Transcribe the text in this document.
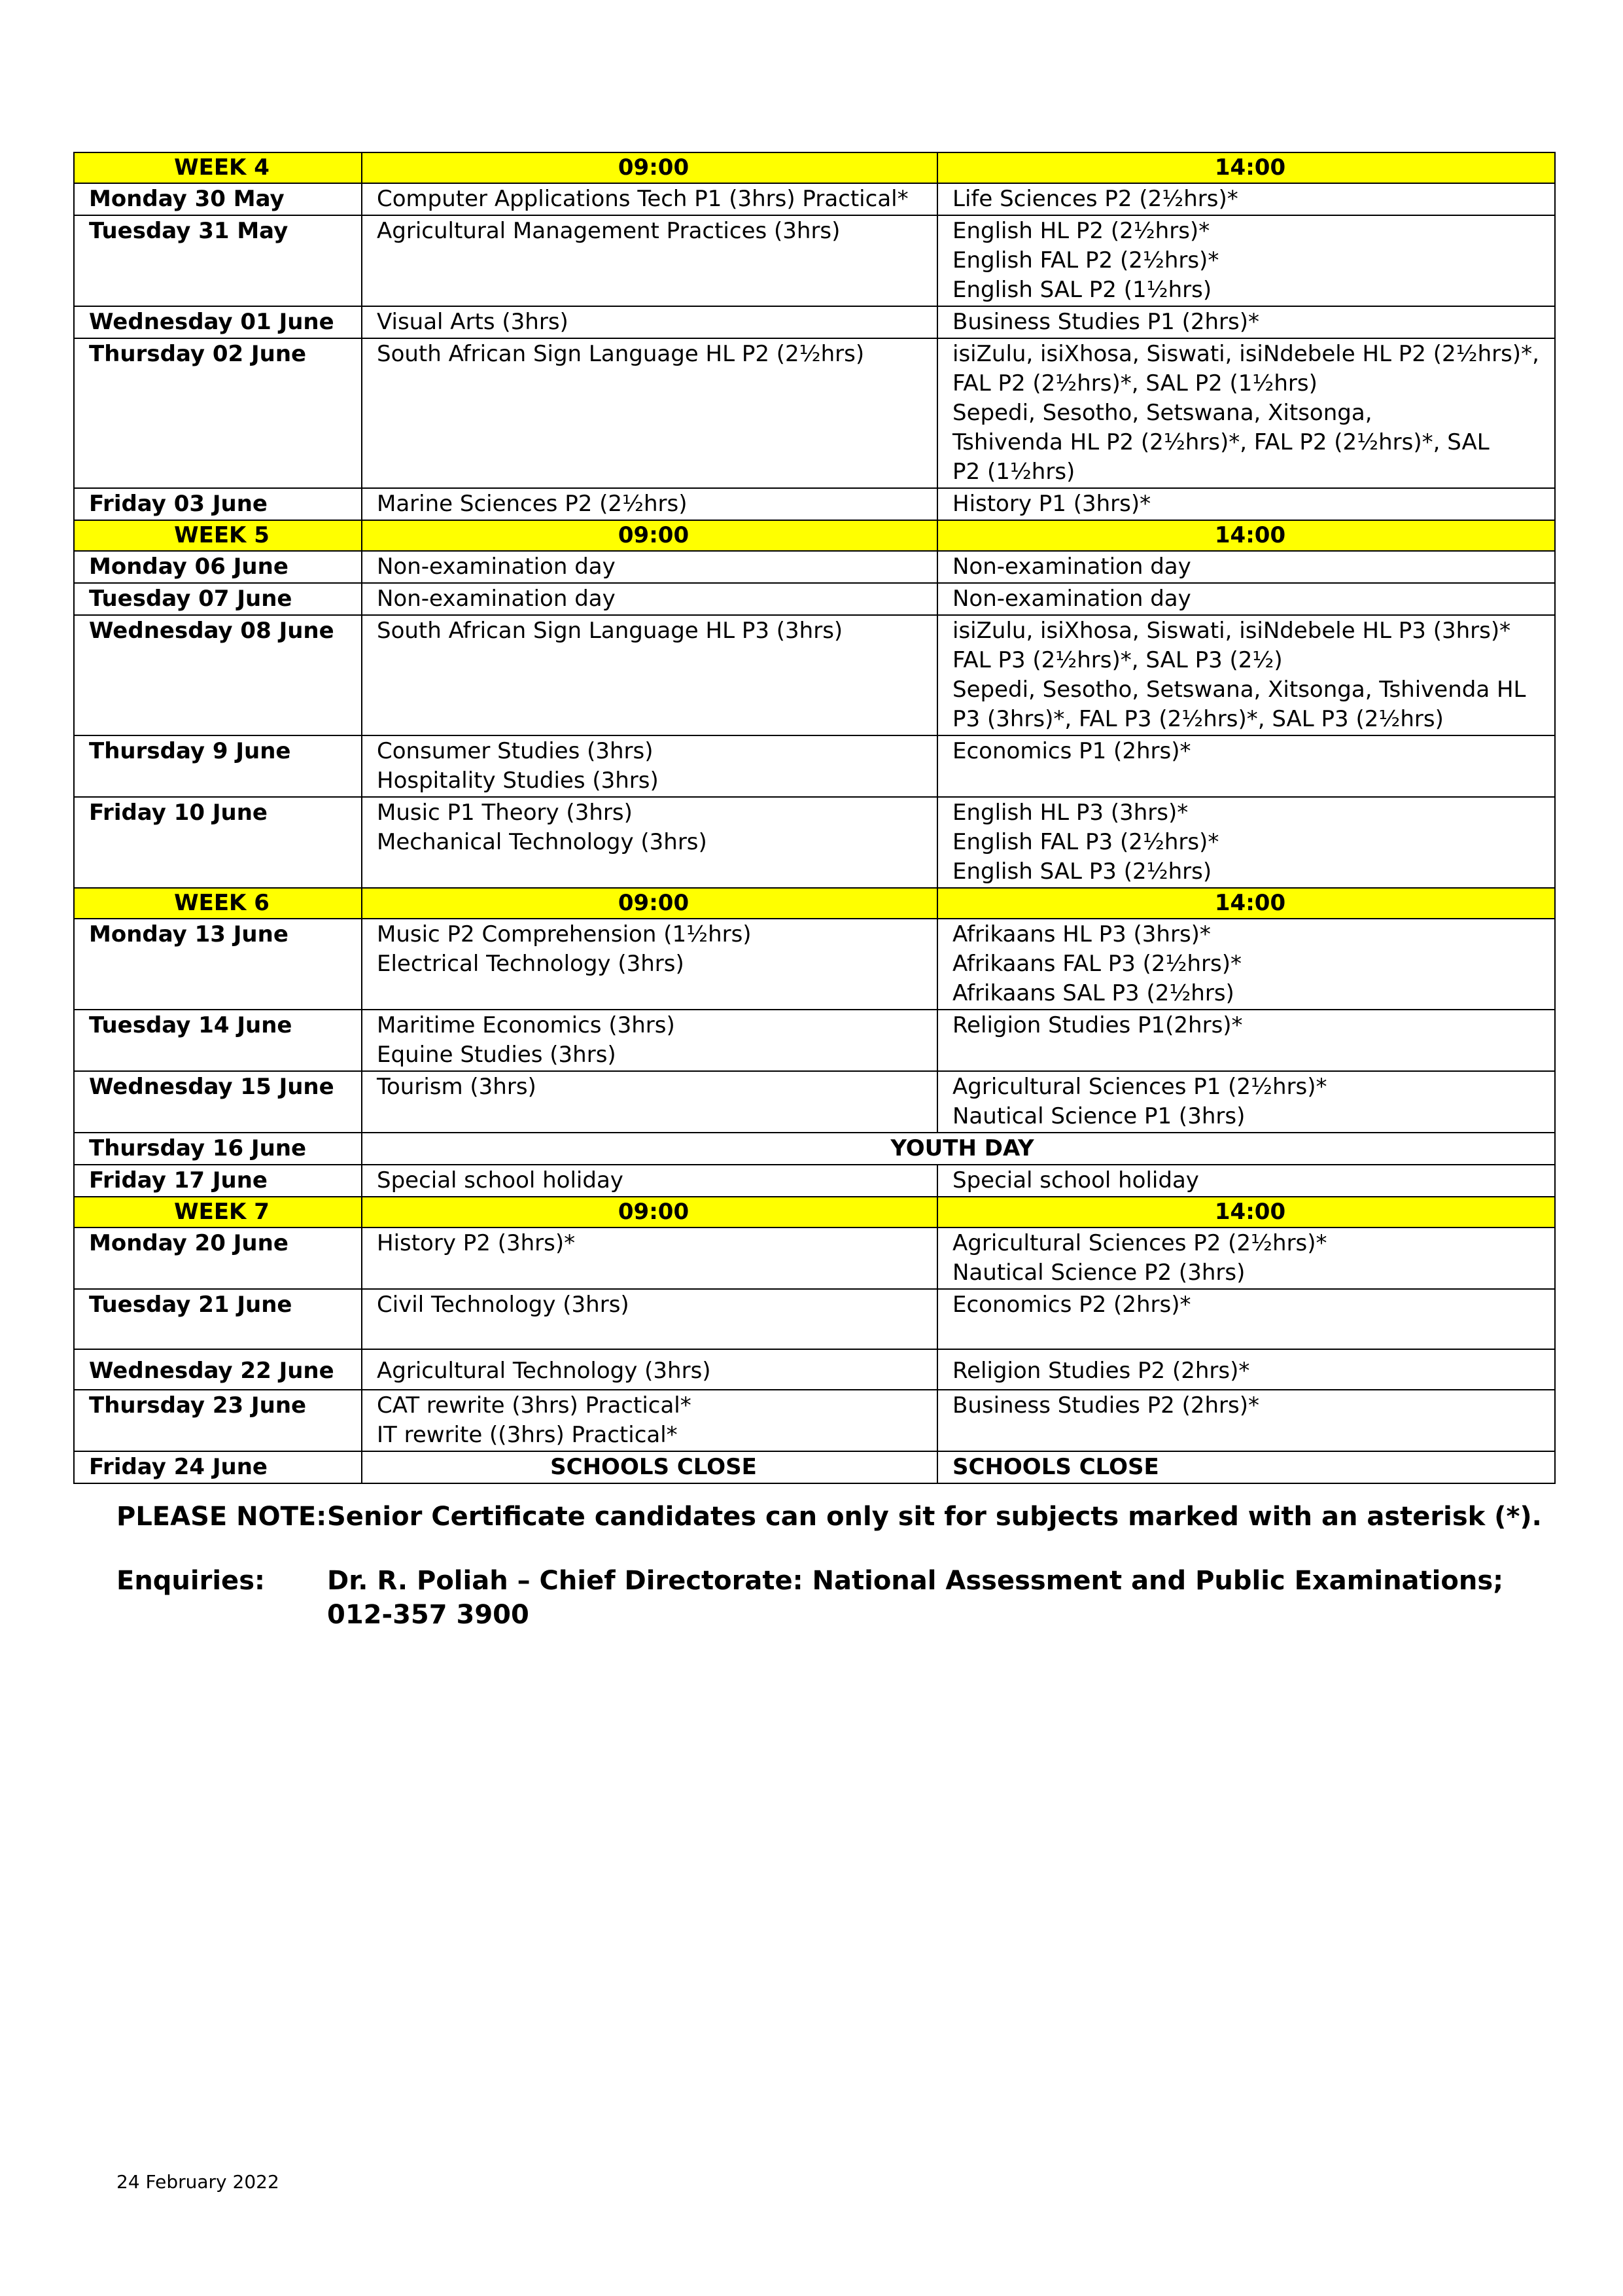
WEEK 4	09:00	14:00
Monday 30 May	Computer Applications Tech P1 (3hrs) Practical*	Life Sciences P2 (2½hrs)*
Tuesday 31 May	Agricultural Management Practices (3hrs)	English HL P2 (2½hrs)*
English FAL P2 (2½hrs)*
English SAL P2 (1½hrs)
Wednesday 01 June	Visual Arts (3hrs)	Business Studies P1 (2hrs)*
Thursday 02 June	South African Sign Language HL P2 (2½hrs)	isiZulu, isiXhosa, Siswati, isiNdebele HL P2 (2½hrs)*,
FAL P2 (2½hrs)*, SAL P2 (1½hrs)
Sepedi, Sesotho, Setswana, Xitsonga,
Tshivenda HL P2 (2½hrs)*, FAL P2 (2½hrs)*, SAL
P2 (1½hrs)
Friday 03 June	Marine Sciences P2 (2½hrs)	History P1 (3hrs)*
WEEK 5	09:00	14:00
Monday 06 June	Non-examination day	Non-examination day
Tuesday 07 June	Non-examination day	Non-examination day
Wednesday 08 June	South African Sign Language HL P3 (3hrs)	isiZulu, isiXhosa, Siswati, isiNdebele HL P3 (3hrs)*
FAL P3 (2½hrs)*, SAL P3 (2½)
Sepedi, Sesotho, Setswana, Xitsonga, Tshivenda HL
P3 (3hrs)*, FAL P3 (2½hrs)*, SAL P3 (2½hrs)
Thursday 9 June	Consumer Studies (3hrs)
Hospitality Studies (3hrs)	Economics P1 (2hrs)*
Friday 10 June	Music P1 Theory (3hrs)
Mechanical Technology (3hrs)	English HL P3 (3hrs)*
English FAL P3 (2½hrs)*
English SAL P3 (2½hrs)
WEEK 6	09:00	14:00
Monday 13 June	Music P2 Comprehension (1½hrs)
Electrical Technology (3hrs)	Afrikaans HL P3 (3hrs)*
Afrikaans FAL P3 (2½hrs)*
Afrikaans SAL P3 (2½hrs)
Tuesday 14 June	Maritime Economics (3hrs)
Equine Studies (3hrs)	Religion Studies P1(2hrs)*
Wednesday 15 June	Tourism (3hrs)	Agricultural Sciences P1 (2½hrs)*
Nautical Science P1 (3hrs)
Thursday 16 June	YOUTH DAY	
Friday 17 June	Special school holiday	Special school holiday
WEEK 7	09:00	14:00
Monday 20 June	History P2 (3hrs)*	Agricultural Sciences P2 (2½hrs)*
Nautical Science P2 (3hrs)
Tuesday 21 June	Civil Technology (3hrs)	Economics P2 (2hrs)*
Wednesday 22 June	Agricultural Technology (3hrs)	Religion Studies P2 (2hrs)*
Thursday 23 June	CAT rewrite (3hrs) Practical*
IT rewrite ((3hrs) Practical*	Business Studies P2 (2hrs)*
Friday 24 June	SCHOOLS CLOSE	SCHOOLS CLOSE
PLEASE NOTE:Senior Certificate candidates can only sit for subjects marked with an asterisk (*).
Enquiries: Dr. R. Poliah – Chief Directorate: National Assessment and Public Examinations;
012-357 3900
24 February 2022
